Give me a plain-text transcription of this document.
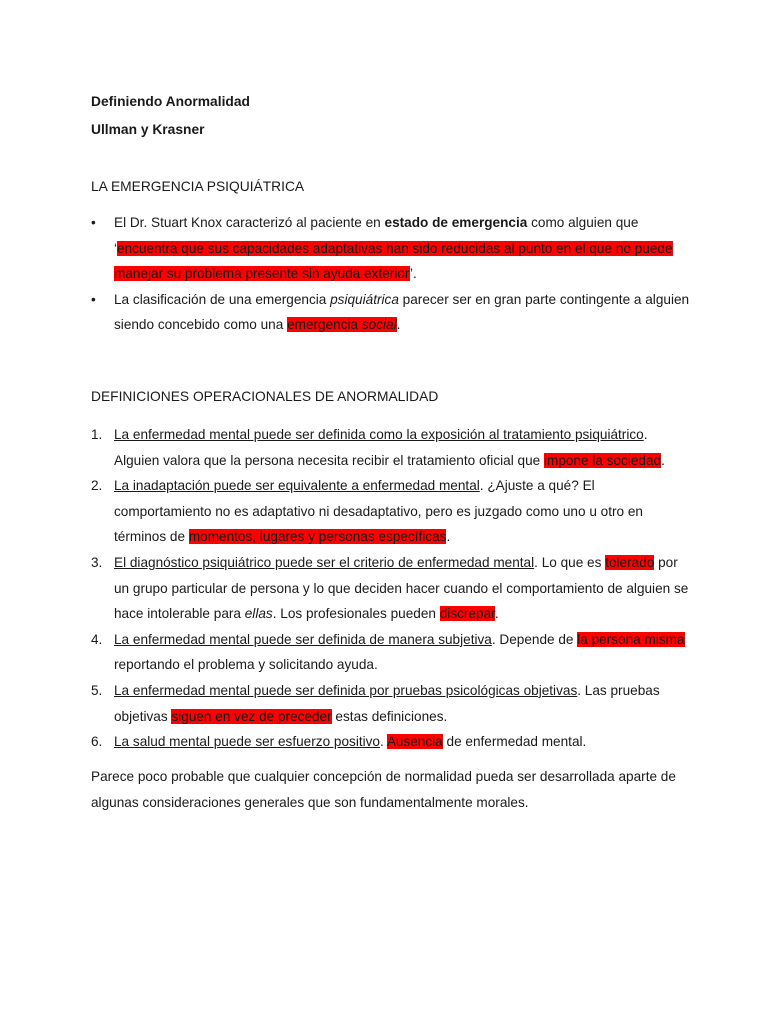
Definiendo Anormalidad

Ullman y Krasner

LA EMERGENCIA PSIQUIÁTRICA

• El Dr. Stuart Knox caracterizó al paciente en estado de emergencia como alguien que ‘encuentra que sus capacidades adaptativas han sido reducidas al punto en el que no puede manejar su problema presente sin ayuda exterior’.
• La clasificación de una emergencia psiquiátrica parecer ser en gran parte contingente a alguien siendo concebido como una emergencia social.

DEFINICIONES OPERACIONALES DE ANORMALIDAD

1. La enfermedad mental puede ser definida como la exposición al tratamiento psiquiátrico. Alguien valora que la persona necesita recibir el tratamiento oficial que impone la sociedad.
2. La inadaptación puede ser equivalente a enfermedad mental. ¿Ajuste a qué? El comportamiento no es adaptativo ni desadaptativo, pero es juzgado como uno u otro en términos de momentos, lugares y personas específicas.
3. El diagnóstico psiquiátrico puede ser el criterio de enfermedad mental. Lo que es tolerado por un grupo particular de persona y lo que deciden hacer cuando el comportamiento de alguien se hace intolerable para ellas. Los profesionales pueden discrepar.
4. La enfermedad mental puede ser definida de manera subjetiva. Depende de la persona misma reportando el problema y solicitando ayuda.
5. La enfermedad mental puede ser definida por pruebas psicológicas objetivas. Las pruebas objetivas siguen en vez de preceder estas definiciones.
6. La salud mental puede ser esfuerzo positivo. Ausencia de enfermedad mental.

Parece poco probable que cualquier concepción de normalidad pueda ser desarrollada aparte de algunas consideraciones generales que son fundamentalmente morales.
